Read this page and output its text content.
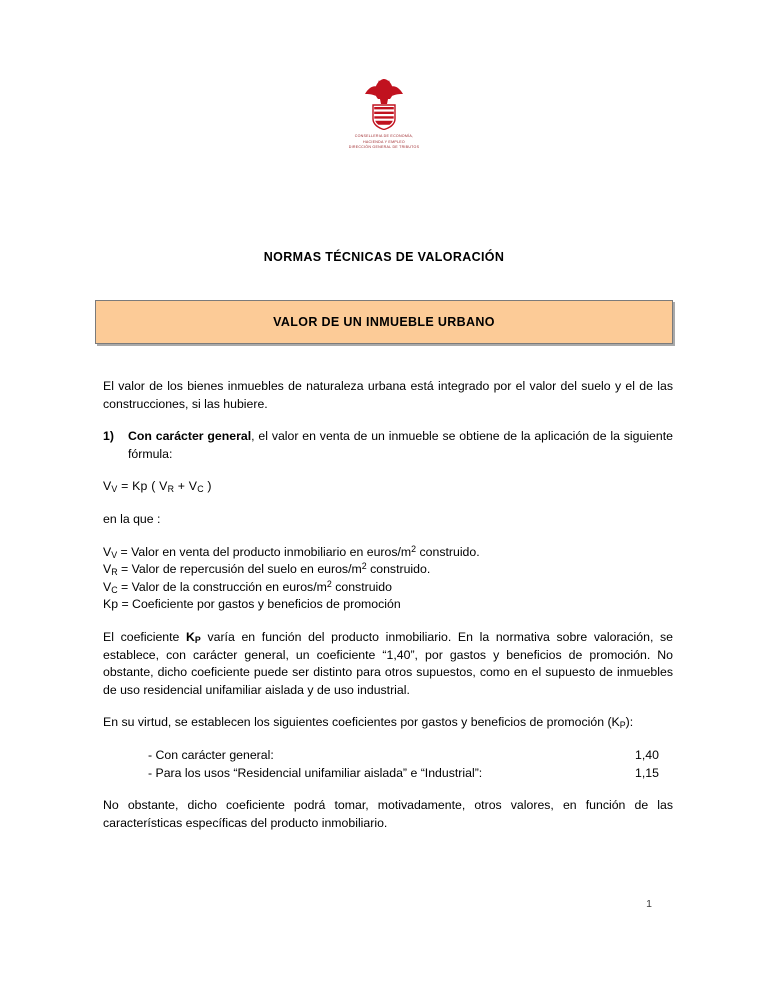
CONSELLERIA DE ECONOMÍA,
HACIENDA Y EMPLEO
DIRECCIÓN GENERAL DE TRIBUTOS
NORMAS TÉCNICAS DE VALORACIÓN
VALOR DE UN INMUEBLE URBANO

El valor de los bienes inmuebles de naturaleza urbana está integrado por el valor del suelo y el de las construcciones, si las hubiere.

1)	Con carácter general, el valor en venta de un inmueble se obtiene de la aplicación de la siguiente fórmula:
$V_V = Kp$ ( $V_R + V_C$ )

en la que :

$V_V$ = Valor en venta del producto inmobiliario en euros/$m^2$ construido.
$V_R$ = Valor de repercusión del suelo en euros/$m^2$ construido.
$V_C$ = Valor de la construcción en euros/$m^2$ construido
Kp = Coeficiente por gastos y beneficios de promoción

El coeficiente $K_P$ varía en función del producto inmobiliario. En la normativa sobre valoración, se establece, con carácter general, un coeficiente “1,40”, por gastos y beneficios de promoción. No obstante, dicho coeficiente puede ser distinto para otros supuestos, como en el supuesto de inmuebles de uso residencial unifamiliar aislada y de uso industrial.

En su virtud, se establecen los siguientes coeficientes por gastos y beneficios de promoción $(K_P)$:

- Con carácter general:	1,40
- Para los usos “Residencial unifamiliar aislada” e “Industrial”:	1,15

No obstante, dicho coeficiente podrá tomar, motivadamente, otros valores, en función de las características específicas del producto inmobiliario.

1
